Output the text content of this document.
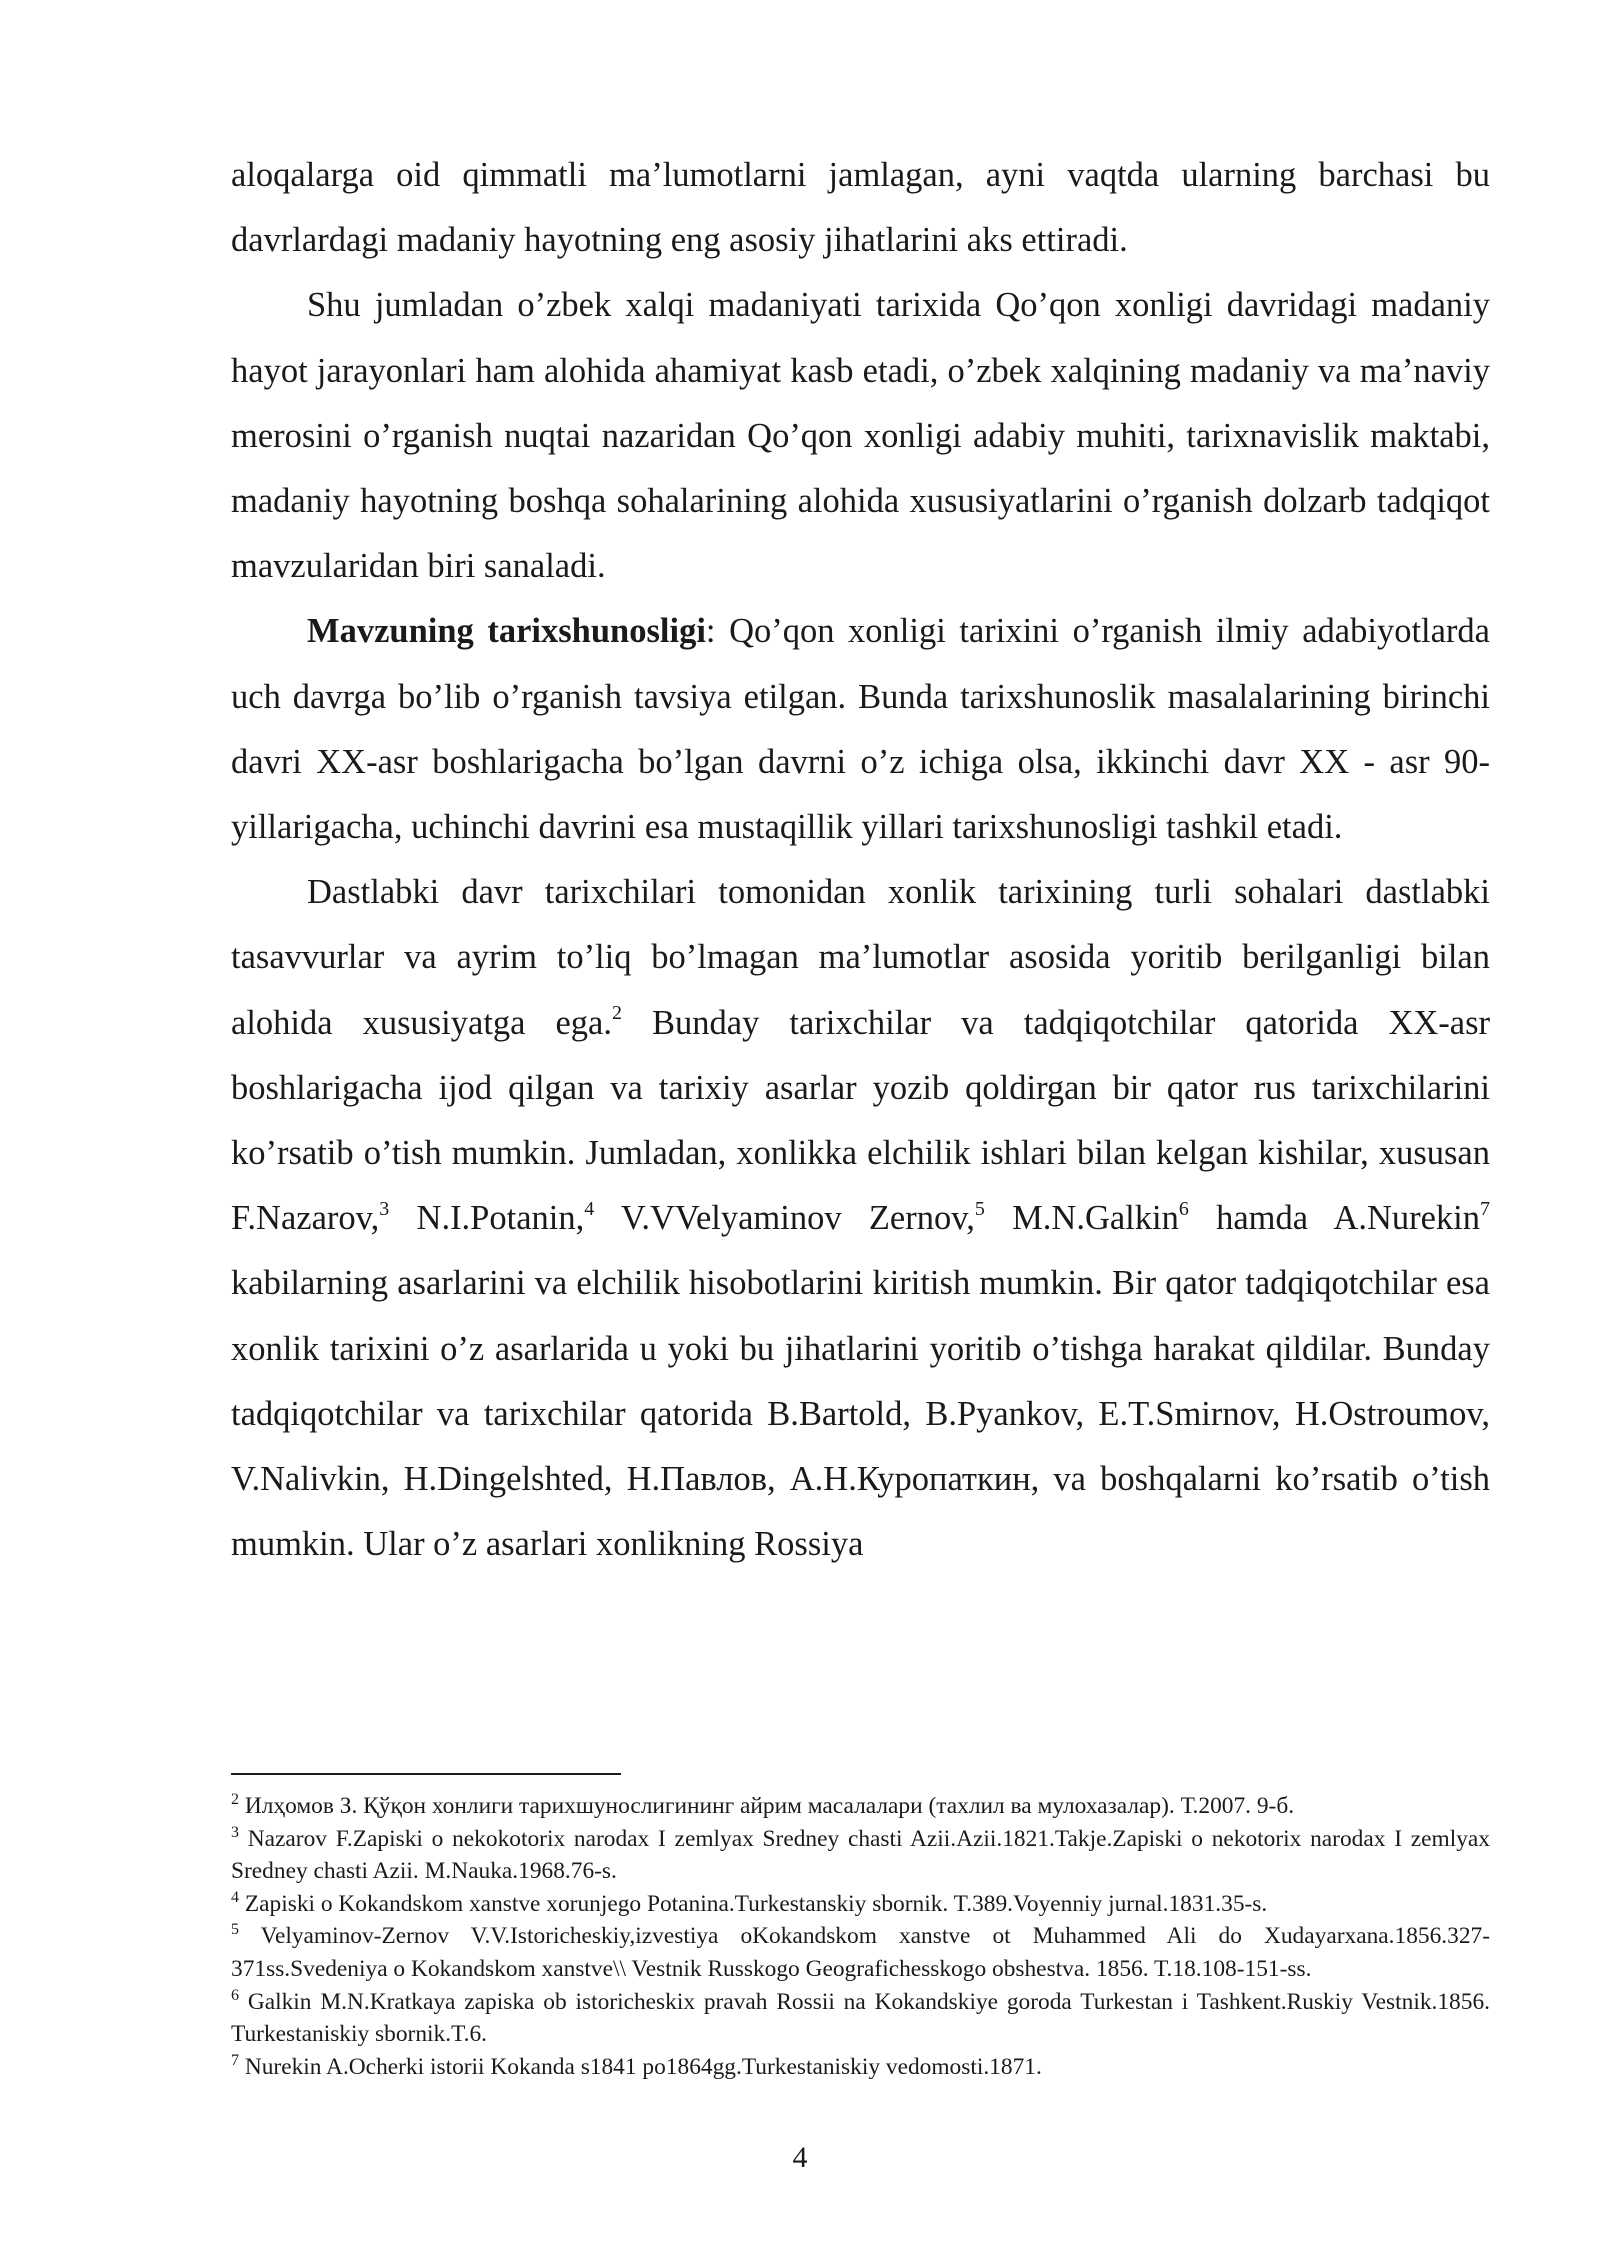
aloqalarga oid qimmatli ma’lumotlarni jamlagan, ayni vaqtda ularning barchasi bu davrlardagi madaniy hayotning eng asosiy jihatlarini aks ettiradi.

Shu jumladan o’zbek xalqi madaniyati tarixida Qo’qon xonligi davridagi madaniy hayot jarayonlari ham alohida ahamiyat kasb etadi, o’zbek xalqining madaniy va ma’naviy merosini o’rganish nuqtai nazaridan Qo’qon xonligi adabiy muhiti, tarixnavislik maktabi, madaniy hayotning boshqa sohalarining alohida xususiyatlarini o’rganish dolzarb tadqiqot mavzularidan biri sanaladi.

Mavzuning tarixshunosligi: Qo’qon xonligi tarixini o’rganish ilmiy adabiyotlarda uch davrga bo’lib o’rganish tavsiya etilgan. Bunda tarixshunoslik masalalarining birinchi davri XX-asr boshlarigacha bo’lgan davrni o’z ichiga olsa, ikkinchi davr XX - asr 90-yillarigacha, uchinchi davrini esa mustaqillik yillari tarixshunosligi tashkil etadi.

Dastlabki davr tarixchilari tomonidan xonlik tarixining turli sohalari dastlabki tasavvurlar va ayrim to’liq bo’lmagan ma’lumotlar asosida yoritib berilganligi bilan alohida xususiyatga ega.$^2$ Bunday tarixchilar va tadqiqotchilar qatorida XX-asr boshlarigacha ijod qilgan va tarixiy asarlar yozib qoldirgan bir qator rus tarixchilarini ko’rsatib o’tish mumkin. Jumladan, xonlikka elchilik ishlari bilan kelgan kishilar, xususan F.Nazarov,$^3$ N.I.Potanin,$^4$ V.VVelyaminov Zernov,$^5$ M.N.Galkin$^6$ hamda A.Nurekin$^7$ kabilarning asarlarini va elchilik hisobotlarini kiritish mumkin. Bir qator tadqiqotchilar esa xonlik tarixini o’z asarlarida u yoki bu jihatlarini yoritib o’tishga harakat qildilar. Bunday tadqiqotchilar va tarixchilar qatorida B.Bartold, B.Pyankov, E.T.Smirnov, H.Ostroumov, V.Nalivkin, H.Dingelshted, H.Павлов, А.Н.Куропаткин, va boshqalarni ko’rsatib o’tish mumkin. Ular o’z asarlari xonlikning Rossiya

$^2$ Илҳомов З. Қўқон хонлиги тарихшунослигининг айрим масалалари (тахлил ва мулохазалар). Т.2007. 9-б.

$^3$ Nazarov F.Zapiski o nekokotorix narodax I zemlyax Sredney chasti Azii.Azii.1821.Takje.Zapiski o nekotorix narodax I zemlyax Sredney chasti Azii. M.Nauka.1968.76-s.

$^4$ Zapiski o Kokandskom xanstve xorunjego Potanina.Turkestanskiy sbornik. T.389.Voyenniy jurnal.1831.35-s.

$^5$ Velyaminov-Zernov V.V.Istoricheskiy,izvestiya oKokandskom xanstve ot Muhammed Ali do Xudayarxana.1856.327-371ss.Svedeniya o Kokandskom xanstve\\ Vestnik Russkogo Geografichesskogo obshestva. 1856. T.18.108-151-ss.

$^6$ Galkin M.N.Kratkaya zapiska ob istoricheskix pravah Rossii na Kokandskiye goroda Turkestan i Tashkent.Ruskiy Vestnik.1856. Turkestaniskiy sbornik.T.6.

$^7$ Nurekin A.Ocherki istorii Kokanda s1841 po1864gg.Turkestaniskiy vedomosti.1871.

4
